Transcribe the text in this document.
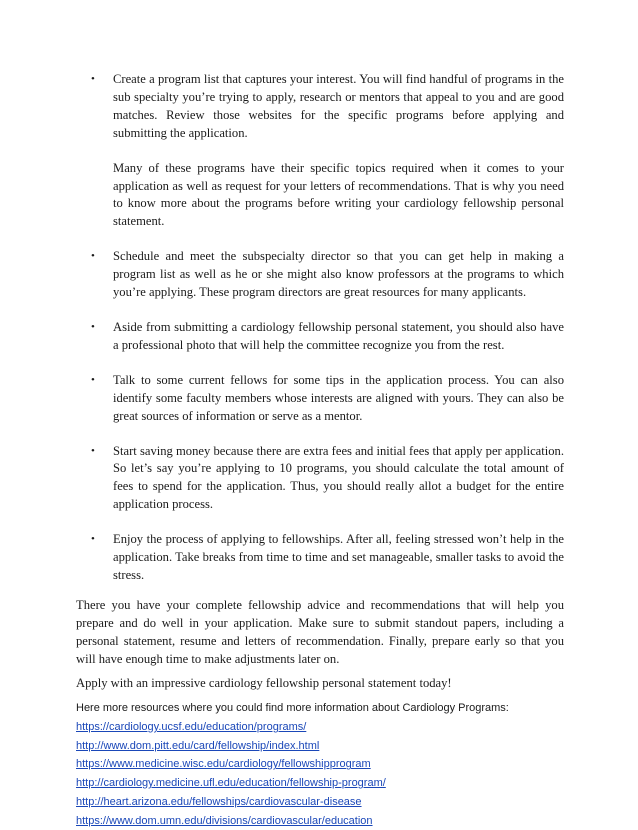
• Create a program list that captures your interest. You will find handful of programs in the sub specialty you’re trying to apply, research or mentors that appeal to you and are good matches. Review those websites for the specific programs before applying and submitting the application.

Many of these programs have their specific topics required when it comes to your application as well as request for your letters of recommendations. That is why you need to know more about the programs before writing your cardiology fellowship personal statement.

• Schedule and meet the subspecialty director so that you can get help in making a program list as well as he or she might also know professors at the programs to which you’re applying. These program directors are great resources for many applicants.

• Aside from submitting a cardiology fellowship personal statement, you should also have a professional photo that will help the committee recognize you from the rest.

• Talk to some current fellows for some tips in the application process. You can also identify some faculty members whose interests are aligned with yours. They can also be great sources of information or serve as a mentor.

• Start saving money because there are extra fees and initial fees that apply per application. So let’s say you’re applying to 10 programs, you should calculate the total amount of fees to spend for the application. Thus, you should really allot a budget for the entire application process.

• Enjoy the process of applying to fellowships. After all, feeling stressed won’t help in the application. Take breaks from time to time and set manageable, smaller tasks to avoid the stress.

There you have your complete fellowship advice and recommendations that will help you prepare and do well in your application. Make sure to submit standout papers, including a personal statement, resume and letters of recommendation. Finally, prepare early so that you will have enough time to make adjustments later on.

Apply with an impressive cardiology fellowship personal statement today!

Here more resources where you could find more information about Cardiology Programs:

https://cardiology.ucsf.edu/education/programs/
http://www.dom.pitt.edu/card/fellowship/index.html
https://www.medicine.wisc.edu/cardiology/fellowshipprogram
http://cardiology.medicine.ufl.edu/education/fellowship-program/
http://heart.arizona.edu/fellowships/cardiovascular-disease
https://www.dom.umn.edu/divisions/cardiovascular/education
